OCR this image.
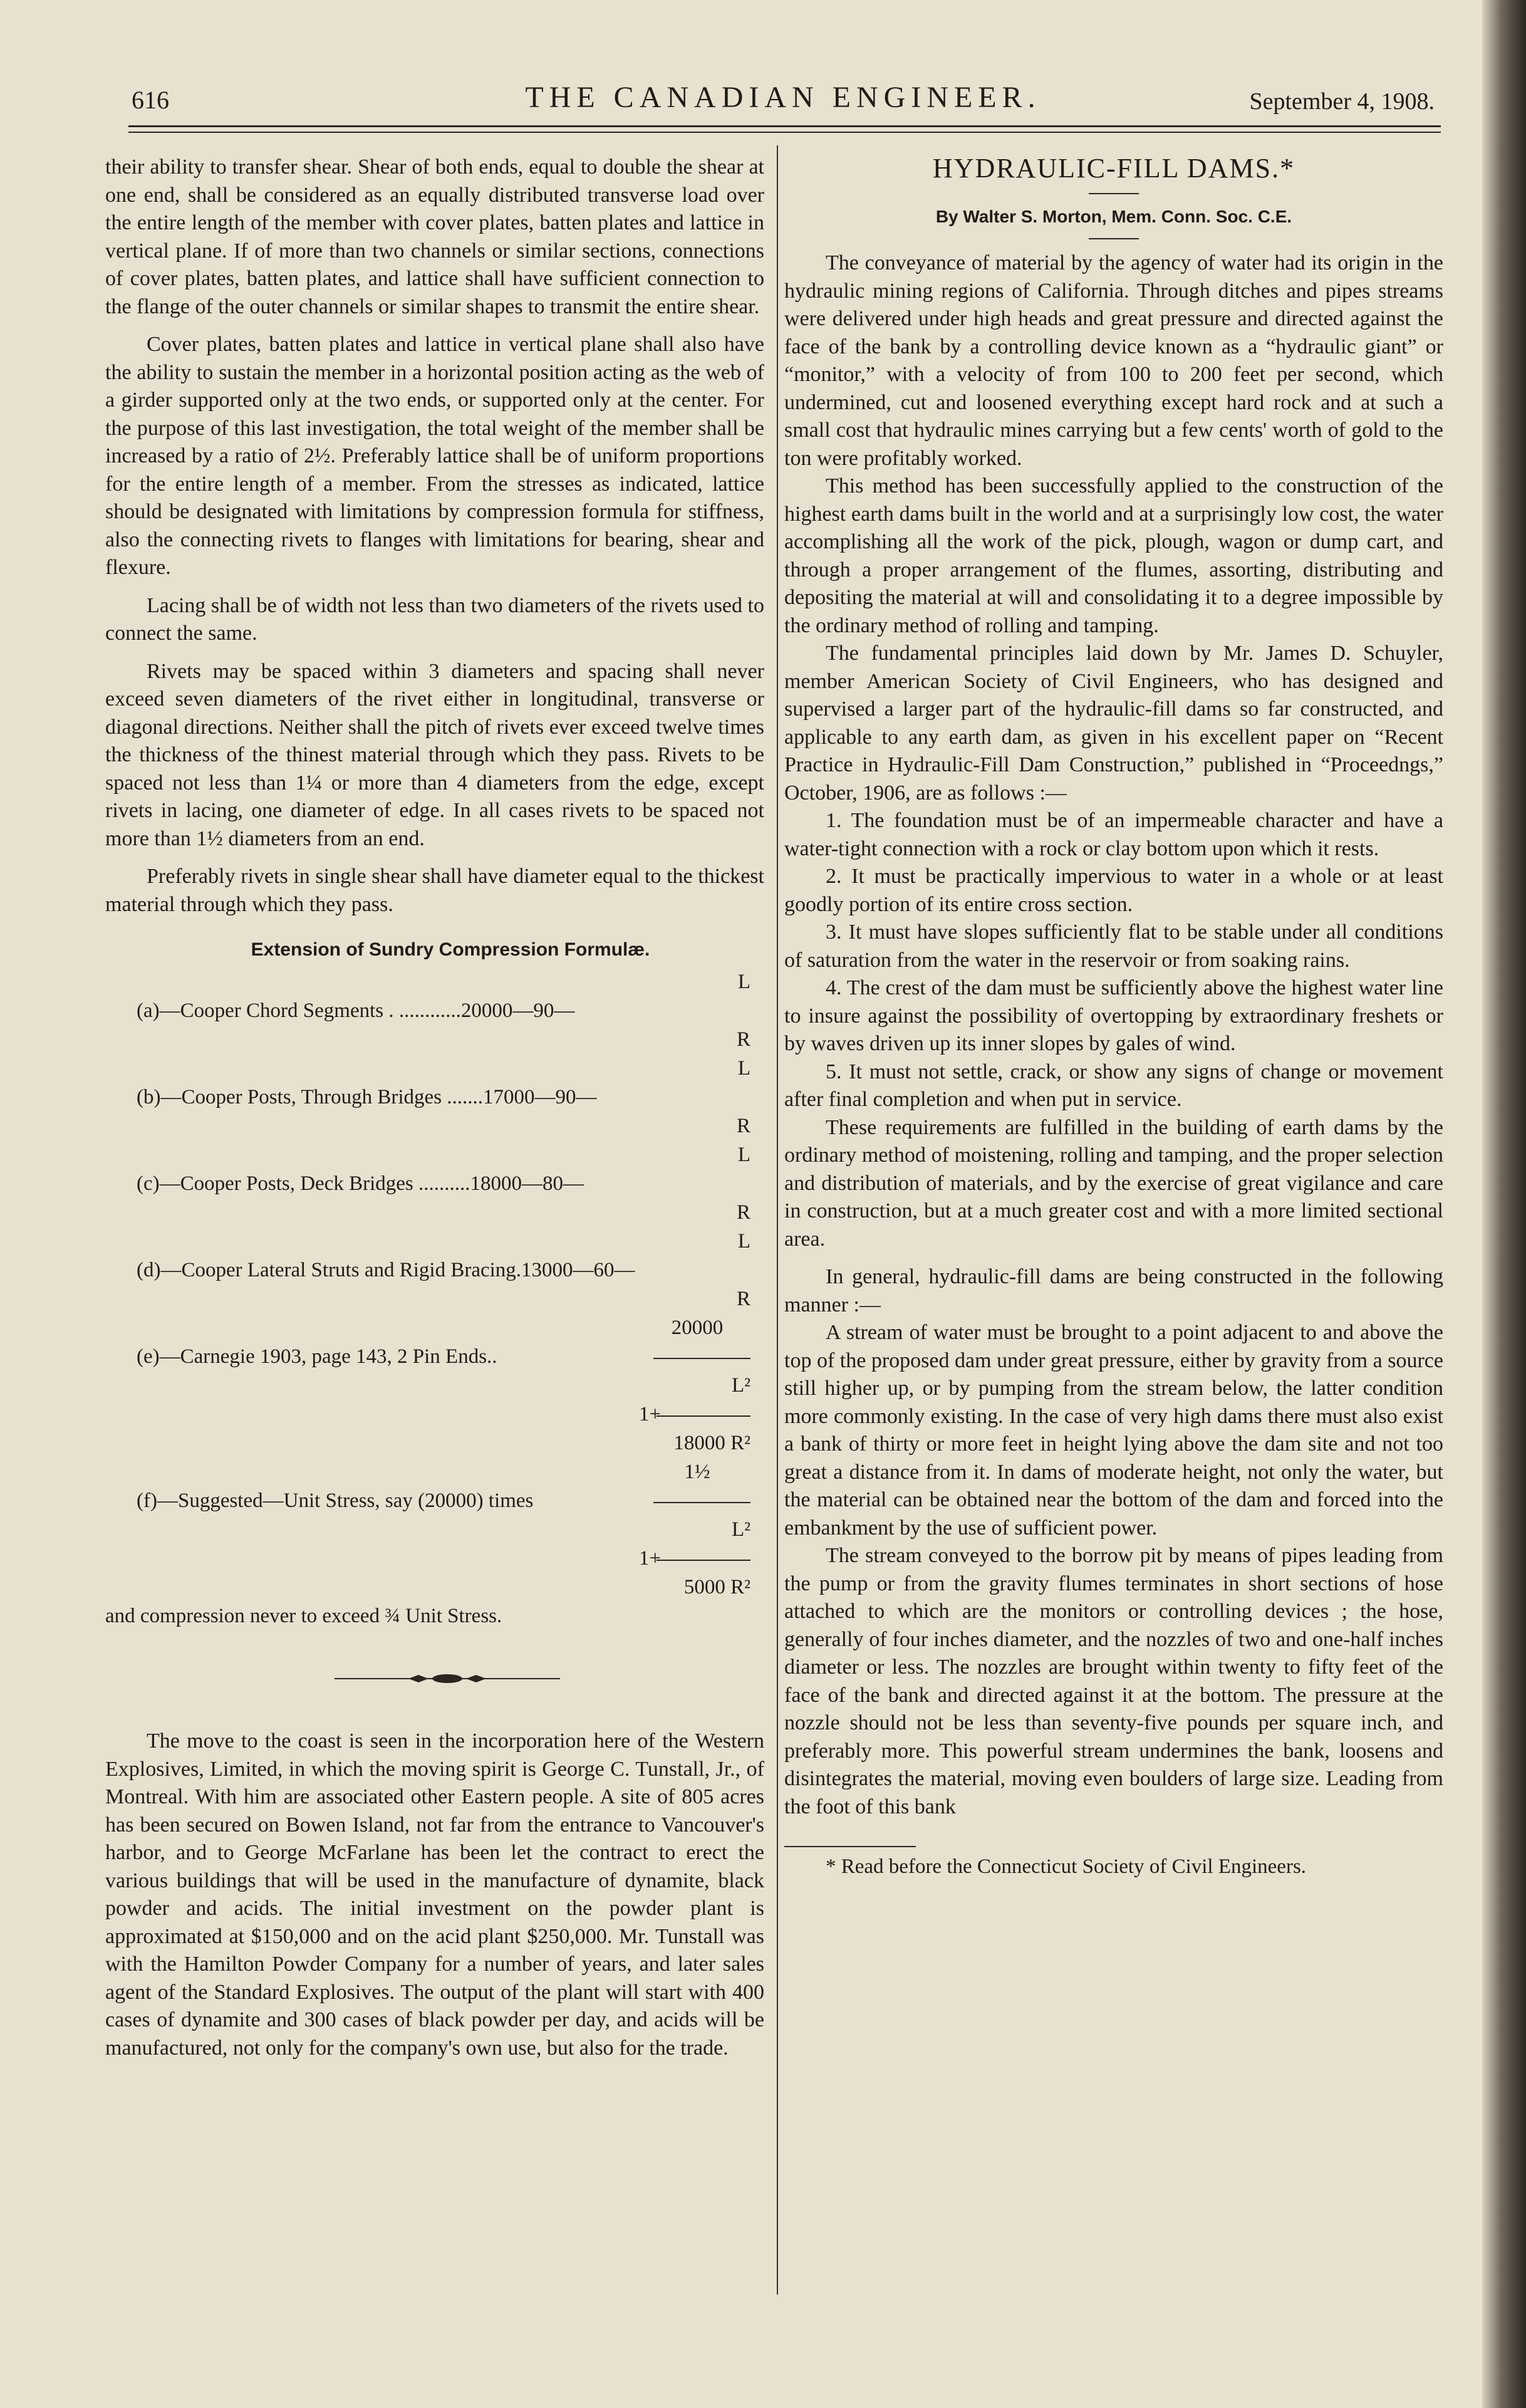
616	THE CANADIAN ENGINEER.	September 4, 1908.

their ability to transfer shear. Shear of both ends, equal to double the shear at one end, shall be considered as an equally distributed transverse load over the entire length of the member with cover plates, batten plates and lattice in vertical plane. If of more than two channels or similar sections, connections of cover plates, batten plates, and lattice shall have sufficient connection to the flange of the outer channels or similar shapes to transmit the entire shear.

Cover plates, batten plates and lattice in vertical plane shall also have the ability to sustain the member in a horizontal position acting as the web of a girder supported only at the two ends, or supported only at the center. For the purpose of this last investigation, the total weight of the member shall be increased by a ratio of 2½. Preferably lattice shall be of uniform proportions for the entire length of a member. From the stresses as indicated, lattice should be designated with limitations by compression formula for stiffness, also the connecting rivets to flanges with limitations for bearing, shear and flexure.

Lacing shall be of width not less than two diameters of the rivets used to connect the same.

Rivets may be spaced within 3 diameters and spacing shall never exceed seven diameters of the rivet either in longitudinal, transverse or diagonal directions. Neither shall the pitch of rivets ever exceed twelve times the thickness of the thinest material through which they pass. Rivets to be spaced not less than 1¼ or more than 4 diameters from the edge, except rivets in lacing, one diameter of edge. In all cases rivets to be spaced not more than 1½ diameters from an end.

Preferably rivets in single shear shall have diameter equal to the thickest material through which they pass.

Extension of Sundry Compression Formulæ.
L
(a)—Cooper Chord Segments . ............20000—90—
R
L
(b)—Cooper Posts, Through Bridges .......17000—90—
R
L
(c)—Cooper Posts, Deck Bridges ..........18000—80—
R
L
(d)—Cooper Lateral Struts and Rigid Bracing.13000—60—
R
20000
(e)—Carnegie 1903, page 143, 2 Pin Ends..
L²
1+
18000 R²
1½
(f)—Suggested—Unit Stress, say (20000) times
L²
1+
5000 R²
and compression never to exceed ¾ Unit Stress.

The move to the coast is seen in the incorporation here of the Western Explosives, Limited, in which the moving spirit is George C. Tunstall, Jr., of Montreal. With him are associated other Eastern people. A site of 805 acres has been secured on Bowen Island, not far from the entrance to Vancouver's harbor, and to George McFarlane has been let the contract to erect the various buildings that will be used in the manufacture of dynamite, black powder and acids. The initial investment on the powder plant is approximated at $150,000 and on the acid plant $250,000. Mr. Tunstall was with the Hamilton Powder Company for a number of years, and later sales agent of the Standard Explosives. The output of the plant will start with 400 cases of dynamite and 300 cases of black powder per day, and acids will be manufactured, not only for the company's own use, but also for the trade.

HYDRAULIC-FILL DAMS.*
By Walter S. Morton, Mem. Conn. Soc. C.E.

The conveyance of material by the agency of water had its origin in the hydraulic mining regions of California. Through ditches and pipes streams were delivered under high heads and great pressure and directed against the face of the bank by a controlling device known as a “hydraulic giant” or “monitor,” with a velocity of from 100 to 200 feet per second, which undermined, cut and loosened everything except hard rock and at such a small cost that hydraulic mines carrying but a few cents' worth of gold to the ton were profitably worked.

This method has been successfully applied to the construction of the highest earth dams built in the world and at a surprisingly low cost, the water accomplishing all the work of the pick, plough, wagon or dump cart, and through a proper arrangement of the flumes, assorting, distributing and depositing the material at will and consolidating it to a degree impossible by the ordinary method of rolling and tamping.

The fundamental principles laid down by Mr. James D. Schuyler, member American Society of Civil Engineers, who has designed and supervised a larger part of the hydraulic-fill dams so far constructed, and applicable to any earth dam, as given in his excellent paper on “Recent Practice in Hydraulic-Fill Dam Construction,” published in “Proceedngs,” October, 1906, are as follows :—

1. The foundation must be of an impermeable character and have a water-tight connection with a rock or clay bottom upon which it rests.

2. It must be practically impervious to water in a whole or at least goodly portion of its entire cross section.

3. It must have slopes sufficiently flat to be stable under all conditions of saturation from the water in the reservoir or from soaking rains.

4. The crest of the dam must be sufficiently above the highest water line to insure against the possibility of overtopping by extraordinary freshets or by waves driven up its inner slopes by gales of wind.

5. It must not settle, crack, or show any signs of change or movement after final completion and when put in service.

These requirements are fulfilled in the building of earth dams by the ordinary method of moistening, rolling and tamping, and the proper selection and distribution of materials, and by the exercise of great vigilance and care in construction, but at a much greater cost and with a more limited sectional area.

In general, hydraulic-fill dams are being constructed in the following manner :—

A stream of water must be brought to a point adjacent to and above the top of the proposed dam under great pressure, either by gravity from a source still higher up, or by pumping from the stream below, the latter condition more commonly existing. In the case of very high dams there must also exist a bank of thirty or more feet in height lying above the dam site and not too great a distance from it. In dams of moderate height, not only the water, but the material can be obtained near the bottom of the dam and forced into the embankment by the use of sufficient power.

The stream conveyed to the borrow pit by means of pipes leading from the pump or from the gravity flumes terminates in short sections of hose attached to which are the monitors or controlling devices ; the hose, generally of four inches diameter, and the nozzles of two and one-half inches diameter or less. The nozzles are brought within twenty to fifty feet of the face of the bank and directed against it at the bottom. The pressure at the nozzle should not be less than seventy-five pounds per square inch, and preferably more. This powerful stream undermines the bank, loosens and disintegrates the material, moving even boulders of large size. Leading from the foot of this bank

* Read before the Connecticut Society of Civil Engineers.
